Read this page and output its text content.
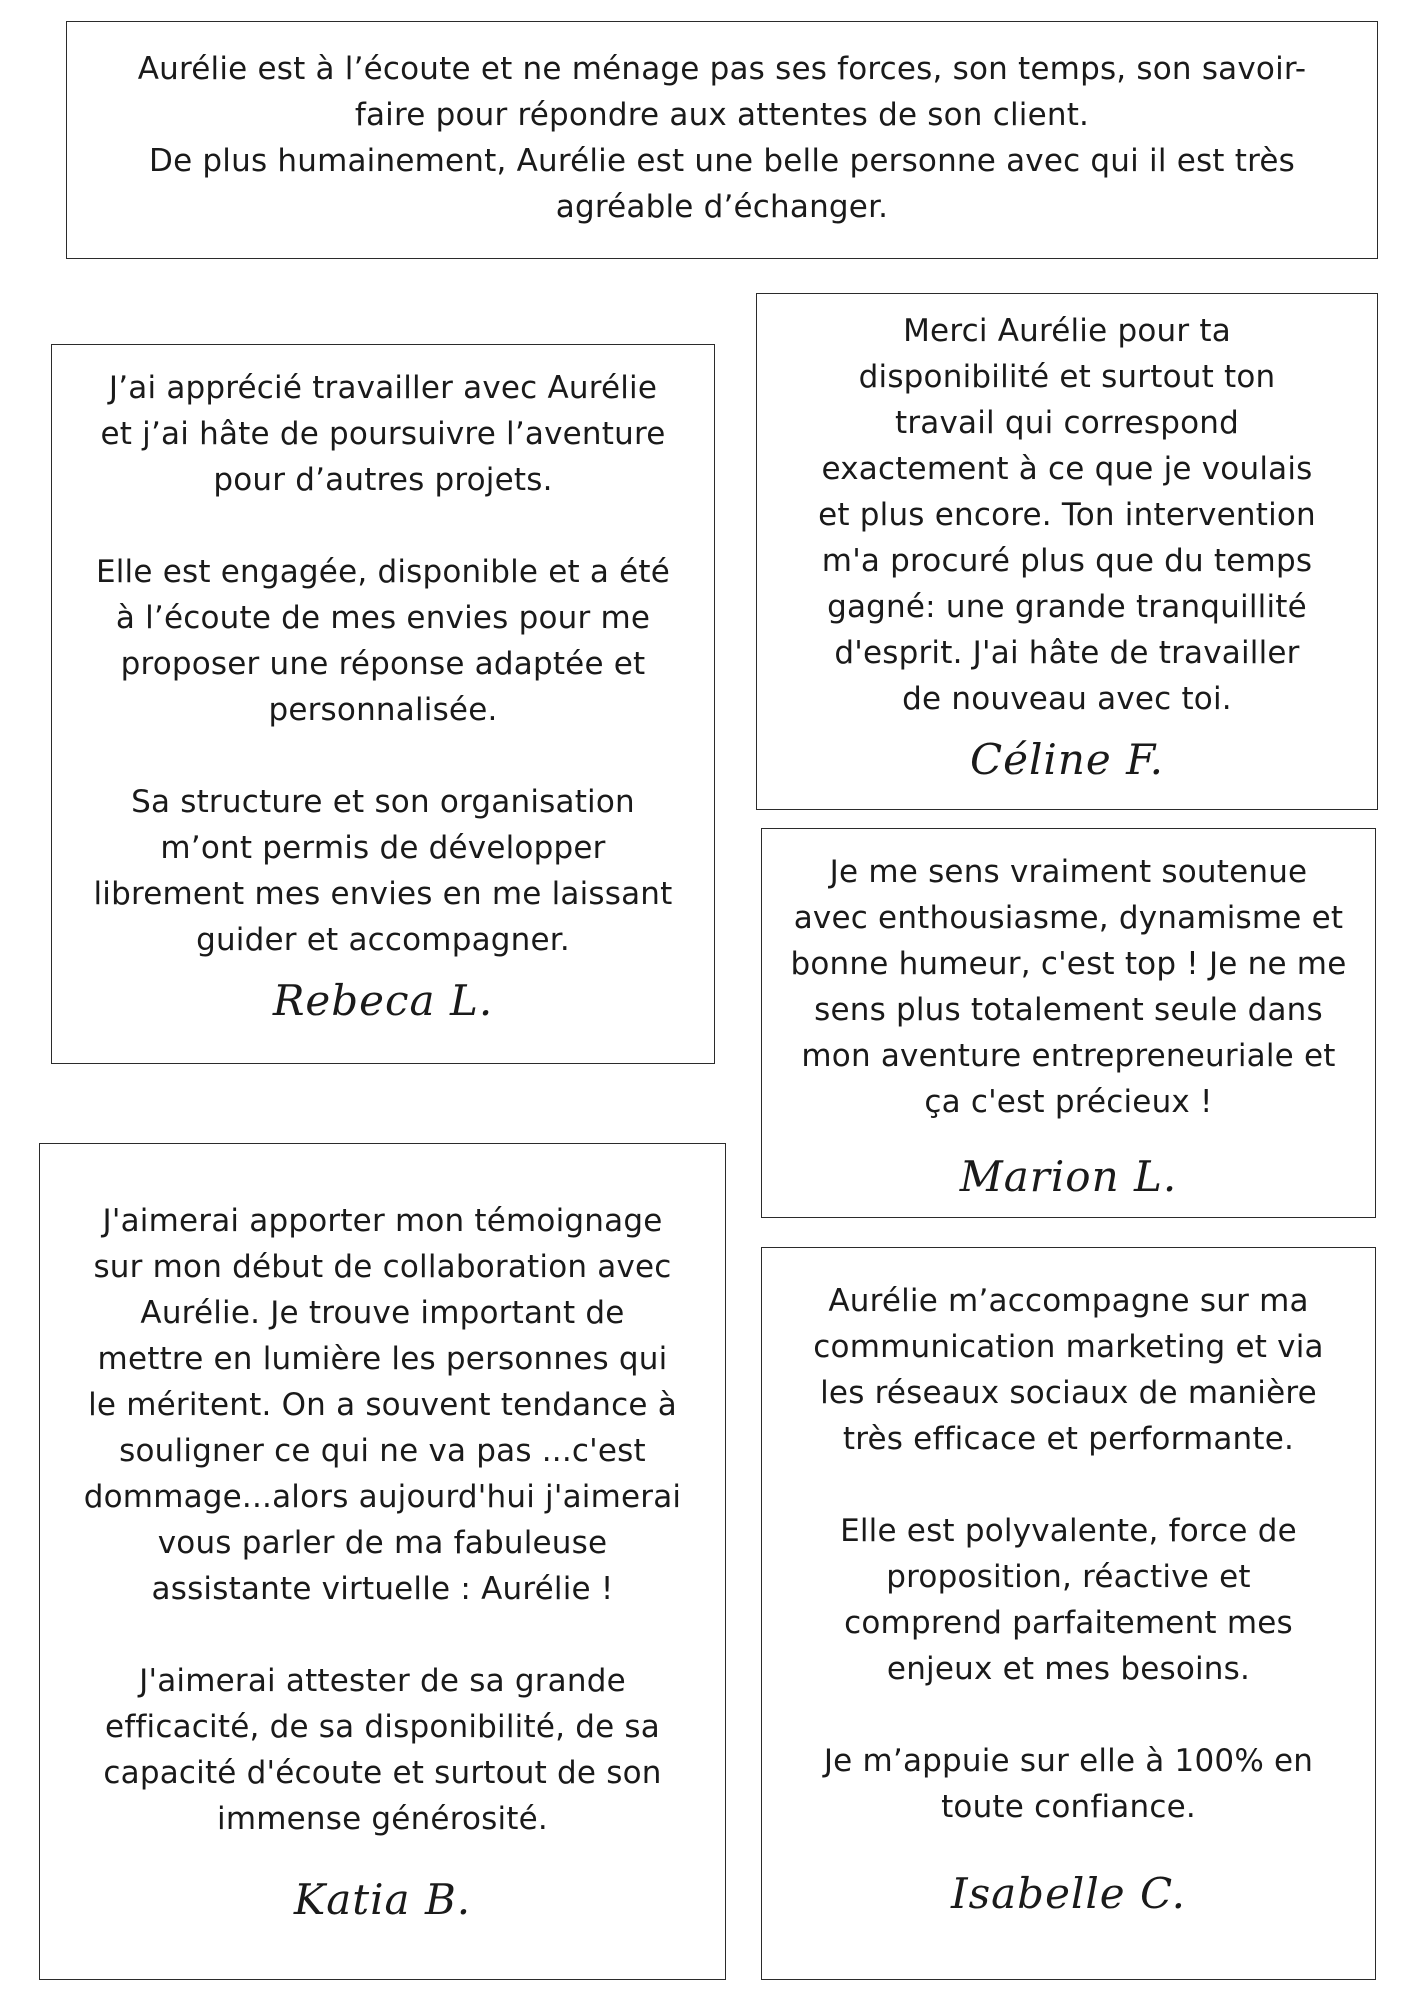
Aurélie est à l’écoute et ne ménage pas ses forces, son temps, son savoir-
faire pour répondre aux attentes de son client.
De plus humainement, Aurélie est une belle personne avec qui il est très
agréable d’échanger.

J’ai apprécié travailler avec Aurélie
et j’ai hâte de poursuivre l’aventure
pour d’autres projets.

Elle est engagée, disponible et a été
à l’écoute de mes envies pour me
proposer une réponse adaptée et
personnalisée.

Sa structure et son organisation
m’ont permis de développer
librement mes envies en me laissant
guider et accompagner.

Rebeca L.

Merci Aurélie pour ta
disponibilité et surtout ton
travail qui correspond
exactement à ce que je voulais
et plus encore. Ton intervention
m'a procuré plus que du temps
gagné: une grande tranquillité
d'esprit. J'ai hâte de travailler
de nouveau avec toi.

Céline F.

Je me sens vraiment soutenue
avec enthousiasme, dynamisme et
bonne humeur, c'est top ! Je ne me
sens plus totalement seule dans
mon aventure entrepreneuriale et
ça c'est précieux !

Marion L.

J'aimerai apporter mon témoignage
sur mon début de collaboration avec
Aurélie. Je trouve important de
mettre en lumière les personnes qui
le méritent. On a souvent tendance à
souligner ce qui ne va pas ...c'est
dommage...alors aujourd'hui j'aimerai
vous parler de ma fabuleuse
assistante virtuelle : Aurélie !

J'aimerai attester de sa grande
efficacité, de sa disponibilité, de sa
capacité d'écoute et surtout de son
immense générosité.

Katia B.

Aurélie m’accompagne sur ma
communication marketing et via
les réseaux sociaux de manière
très efficace et performante.

Elle est polyvalente, force de
proposition, réactive et
comprend parfaitement mes
enjeux et mes besoins.

Je m’appuie sur elle à 100% en
toute confiance.

Isabelle C.
